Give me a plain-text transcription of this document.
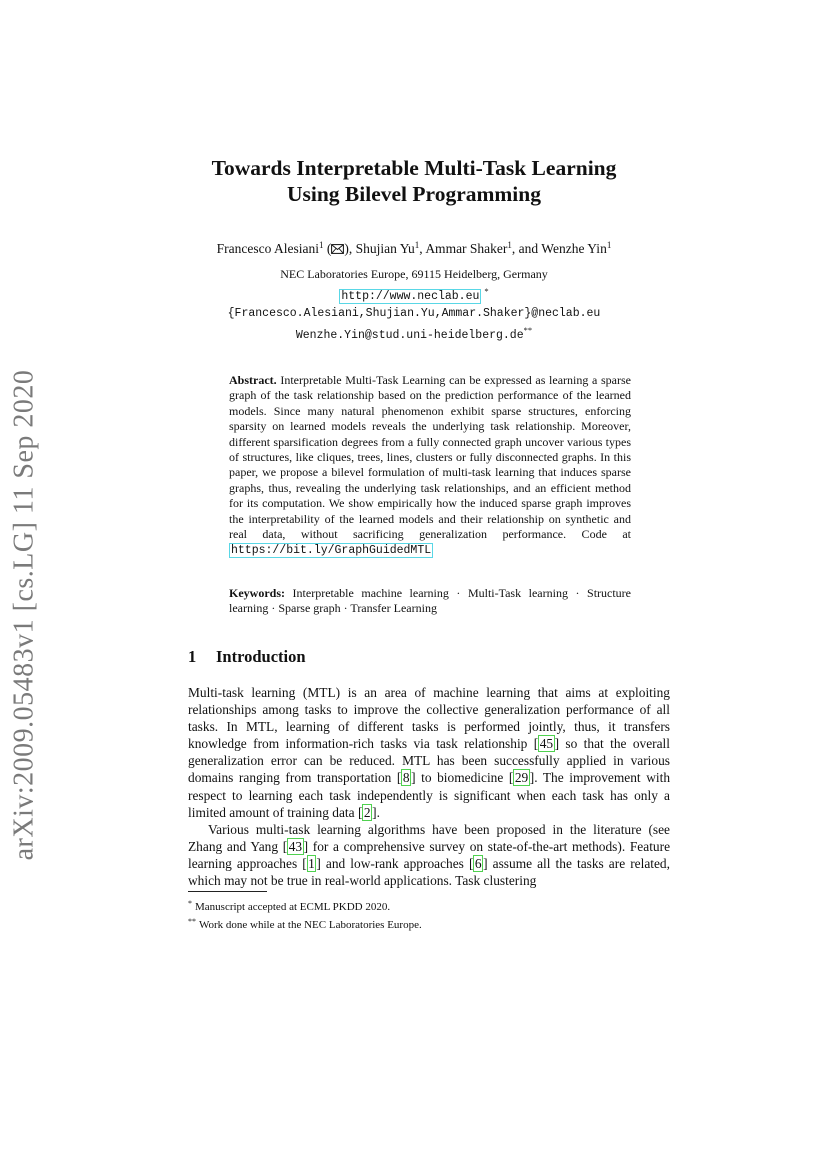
arXiv:2009.05483v1 [cs.LG] 11 Sep 2020
Towards Interpretable Multi-Task Learning
Using Bilevel Programming
Francesco Alesiani$^1$ ( ), Shujian Yu$^1$, Ammar Shaker$^1$, and Wenzhe Yin$^1$
NEC Laboratories Europe, 69115 Heidelberg, Germany
http://www.neclab.eu *
{Francesco.Alesiani,Shujian.Yu,Ammar.Shaker}@neclab.eu
Wenzhe.Yin@stud.uni-heidelberg.de**
Abstract. Interpretable Multi-Task Learning can be expressed as learning a sparse graph of the task relationship based on the prediction performance of the learned models. Since many natural phenomenon exhibit sparse structures, enforcing sparsity on learned models reveals the underlying task relationship. Moreover, different sparsification degrees from a fully connected graph uncover various types of structures, like cliques, trees, lines, clusters or fully disconnected graphs. In this paper, we propose a bilevel formulation of multi-task learning that induces sparse graphs, thus, revealing the underlying task relationships, and an efficient method for its computation. We show empirically how the induced sparse graph improves the interpretability of the learned models and their relationship on synthetic and real data, without sacrificing generalization performance. Code at https://bit.ly/GraphGuidedMTL
Keywords: Interpretable machine learning · Multi-Task learning · Structure learning · Sparse graph · Transfer Learning
1 Introduction

Multi-task learning (MTL) is an area of machine learning that aims at exploiting relationships among tasks to improve the collective generalization performance of all tasks. In MTL, learning of different tasks is performed jointly, thus, it transfers knowledge from information-rich tasks via task relationship [ 45 ] so that the overall generalization error can be reduced. MTL has been successfully applied in various domains ranging from transportation [ 8 ] to biomedicine [ 29 ]. The improvement with respect to learning each task independently is significant when each task has only a limited amount of training data [ 2 ].

Various multi-task learning algorithms have been proposed in the literature (see Zhang and Yang [ 43 ] for a comprehensive survey on state-of-the-art methods). Feature learning approaches [ 1 ] and low-rank approaches [ 6 ] assume all the tasks are related, which may not be true in real-world applications. Task clustering

* Manuscript accepted at ECML PKDD 2020.
** Work done while at the NEC Laboratories Europe.
